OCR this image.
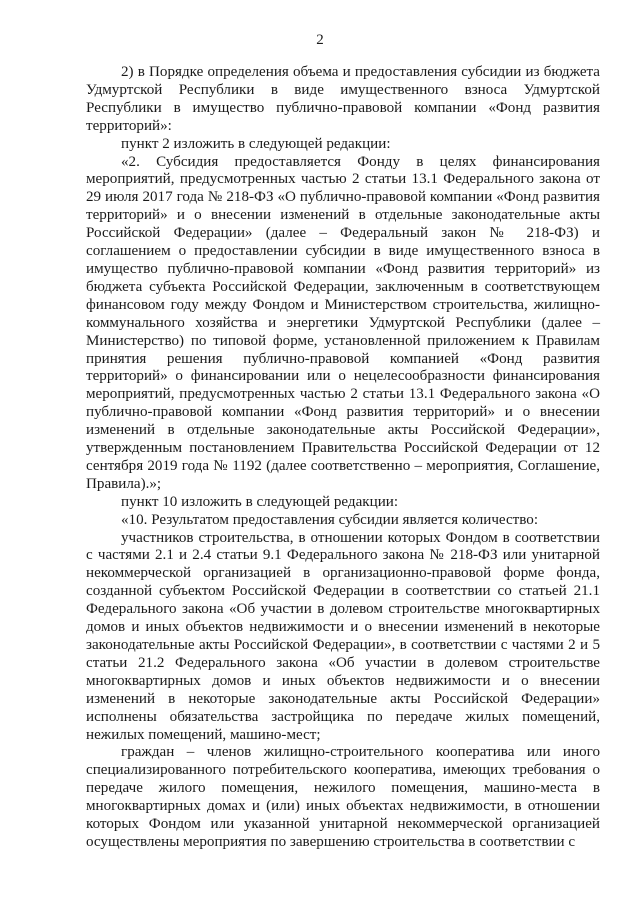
2

2) в Порядке определения объема и предоставления субсидии из бюджета Удмуртской Республики в виде имущественного взноса Удмуртской Республики в имущество публично-правовой компании «Фонд развития территорий»:

пункт 2 изложить в следующей редакции:

«2. Субсидия предоставляется Фонду в целях финансирования мероприятий, предусмотренных частью 2 статьи 13.1 Федерального закона от 29 июля 2017 года № 218-ФЗ «О публично-правовой компании «Фонд развития территорий» и о внесении изменений в отдельные законодательные акты Российской Федерации» (далее – Федеральный закон № 218-ФЗ) и соглашением о предоставлении субсидии в виде имущественного взноса в имущество публично-правовой компании «Фонд развития территорий» из бюджета субъекта Российской Федерации, заключенным в соответствующем финансовом году между Фондом и Министерством строительства, жилищно-коммунального хозяйства и энергетики Удмуртской Республики (далее – Министерство) по типовой форме, установленной приложением к Правилам принятия решения публично-правовой компанией «Фонд развития территорий» о финансировании или о нецелесообразности финансирования мероприятий, предусмотренных частью 2 статьи 13.1 Федерального закона «О публично-правовой компании «Фонд развития территорий» и о внесении изменений в отдельные законодательные акты Российской Федерации», утвержденным постановлением Правительства Российской Федерации от 12 сентября 2019 года № 1192 (далее соответственно – мероприятия, Соглашение, Правила).»;

пункт 10 изложить в следующей редакции:

«10. Результатом предоставления субсидии является количество:

участников строительства, в отношении которых Фондом в соответствии с частями 2.1 и 2.4 статьи 9.1 Федерального закона № 218-ФЗ или унитарной некоммерческой организацией в организационно-правовой форме фонда, созданной субъектом Российской Федерации в соответствии со статьей 21.1 Федерального закона «Об участии в долевом строительстве многоквартирных домов и иных объектов недвижимости и о внесении изменений в некоторые законодательные акты Российской Федерации», в соответствии с частями 2 и 5 статьи 21.2 Федерального закона «Об участии в долевом строительстве многоквартирных домов и иных объектов недвижимости и о внесении изменений в некоторые законодательные акты Российской Федерации» исполнены обязательства застройщика по передаче жилых помещений, нежилых помещений, машино-мест;

граждан – членов жилищно-строительного кооператива или иного специализированного потребительского кооператива, имеющих требования о передаче жилого помещения, нежилого помещения, машино-места в многоквартирных домах и (или) иных объектах недвижимости, в отношении которых Фондом или указанной унитарной некоммерческой организацией осуществлены мероприятия по завершению строительства в соответствии с
